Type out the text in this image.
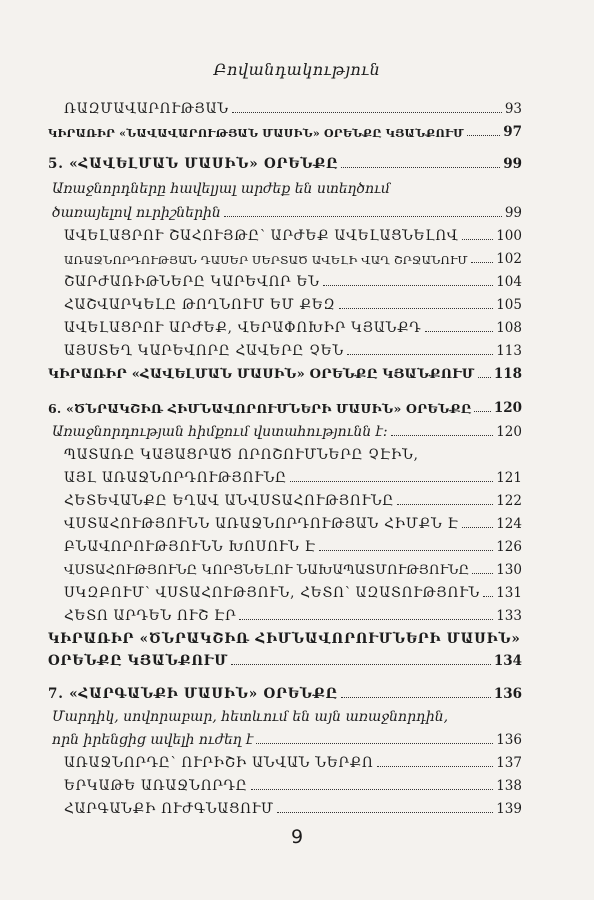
Բովանդակություն
ՌԱԶՄԱՎԱՐՈՒԹՅԱՆ	93
ԿԻՐԱՌԻՐ «ՆԱՎԱՎԱՐՈՒԹՅԱՆ ՄԱՍԻՆ» ՕՐԵՆՔԸ ԿՅԱՆՔՈՒՄ	97
5. «ՀԱՎԵԼՄԱՆ ՄԱՍԻՆ» ՕՐԵՆՔԸ	99
Առաջնորդները հավելյալ արժեք են ստեղծում
ծառայելով ուրիշներին	99
ԱՎԵԼԱՑՐՈՒ ՇԱՀՈՒՅԹԸ՝ ԱՐԺԵՔ ԱՎԵԼԱՑՆԵԼՈՎ	100
ԱՌԱՋՆՈՐԴՈՒԹՅԱՆ ԴԱՍԵՐ ՍԵՐՏԱԾ ԱՎԵԼԻ ՎԱՂ ՇՐՋԱՆՈՒՄ 102
ՇԱՐԺԱՌԻԹՆԵՐԸ ԿԱՐԵՎՈՐ ԵՆ	104
ՀԱՇՎԱՐԿԵԼԸ ԹՈՂՆՈՒՄ ԵՄ ՔԵԶ	105
ԱՎԵԼԱՑՐՈՒ ԱՐԺԵՔ, ՎԵՐԱՓՈԽԻՐ ԿՅԱՆՔԴ	108
ԱՅՍՏԵՂ ԿԱՐԵՎՈՐԸ ՀԱՎԵՐԸ ՉԵՆ	113
ԿԻՐԱՌԻՐ «ՀԱՎԵԼՄԱՆ ՄԱՍԻՆ» ՕՐԵՆՔԸ ԿՅԱՆՔՈՒՄ 118
6. «ԾՆՐԱԿՇԻՌ ՀԻՄՆԱՎՈՐՈՒՄՆԵՐԻ ՄԱՍԻՆ» ՕՐԵՆՔԸ 120
Առաջնորդության հիմքում վստահությունն է:	120
ՊԱՏԱՌԸ ԿԱՅԱՑՐԱԾ ՈՐՈՇՈՒՄՆԵՐԸ ՉԷԻՆ,
ԱՅԼ ԱՌԱՋՆՈՐԴՈՒԹՅՈՒՆԸ	121
ՀԵՏԵՎԱՆՔԸ ԵՂԱՎ ԱՆՎՍՏԱՀՈՒԹՅՈՒՆԸ	122
ՎՍՏԱՀՈՒԹՅՈՒՆՆ ԱՌԱՋՆՈՐԴՈՒԹՅԱՆ ՀԻՄՔՆ Է	124
ԲՆԱՎՈՐՈՒԹՅՈՒՆՆ ԽՈՍՈՒՆ Է	126
ՎՍՏԱՀՈՒԹՅՈՒՆԸ ԿՈՐՑՆԵԼՈՒ ՆԱԽԱՊԱՏՄՈՒԹՅՈՒՆԸ 130
ՍԿԶԲՈՒՄ՝ ՎՍՏԱՀՈՒԹՅՈՒՆ, ՀԵՏՈ՝ ԱԶԱՏՈՒԹՅՈՒՆ 131
ՀԵՏՈ ԱՐԴԵՆ ՈՒՇ ԷՐ	133
ԿԻՐԱՌԻՐ «ԾՆՐԱԿՇԻՌ ՀԻՄՆԱՎՈՐՈՒՄՆԵՐԻ ՄԱՍԻՆ»
ՕՐԵՆՔԸ ԿՅԱՆՔՈՒՄ	134
7. «ՀԱՐԳԱՆՔԻ ՄԱՍԻՆ» ՕՐԵՆՔԸ	136
Մարդիկ, սովորաբար, հետևում են այն առաջնորդին,
որն իրենցից ավելի ուժեղ է	136
ԱՌԱՋՆՈՐԴԸ՝ ՈՒՐԻՇԻ ԱՆՎԱՆ ՆԵՐՔՈ	137
ԵՐԿԱԹԵ ԱՌԱՋՆՈՐԴԸ	138
ՀԱՐԳԱՆՔԻ ՈՒԺԳՆԱՑՈՒՄ	139
9
